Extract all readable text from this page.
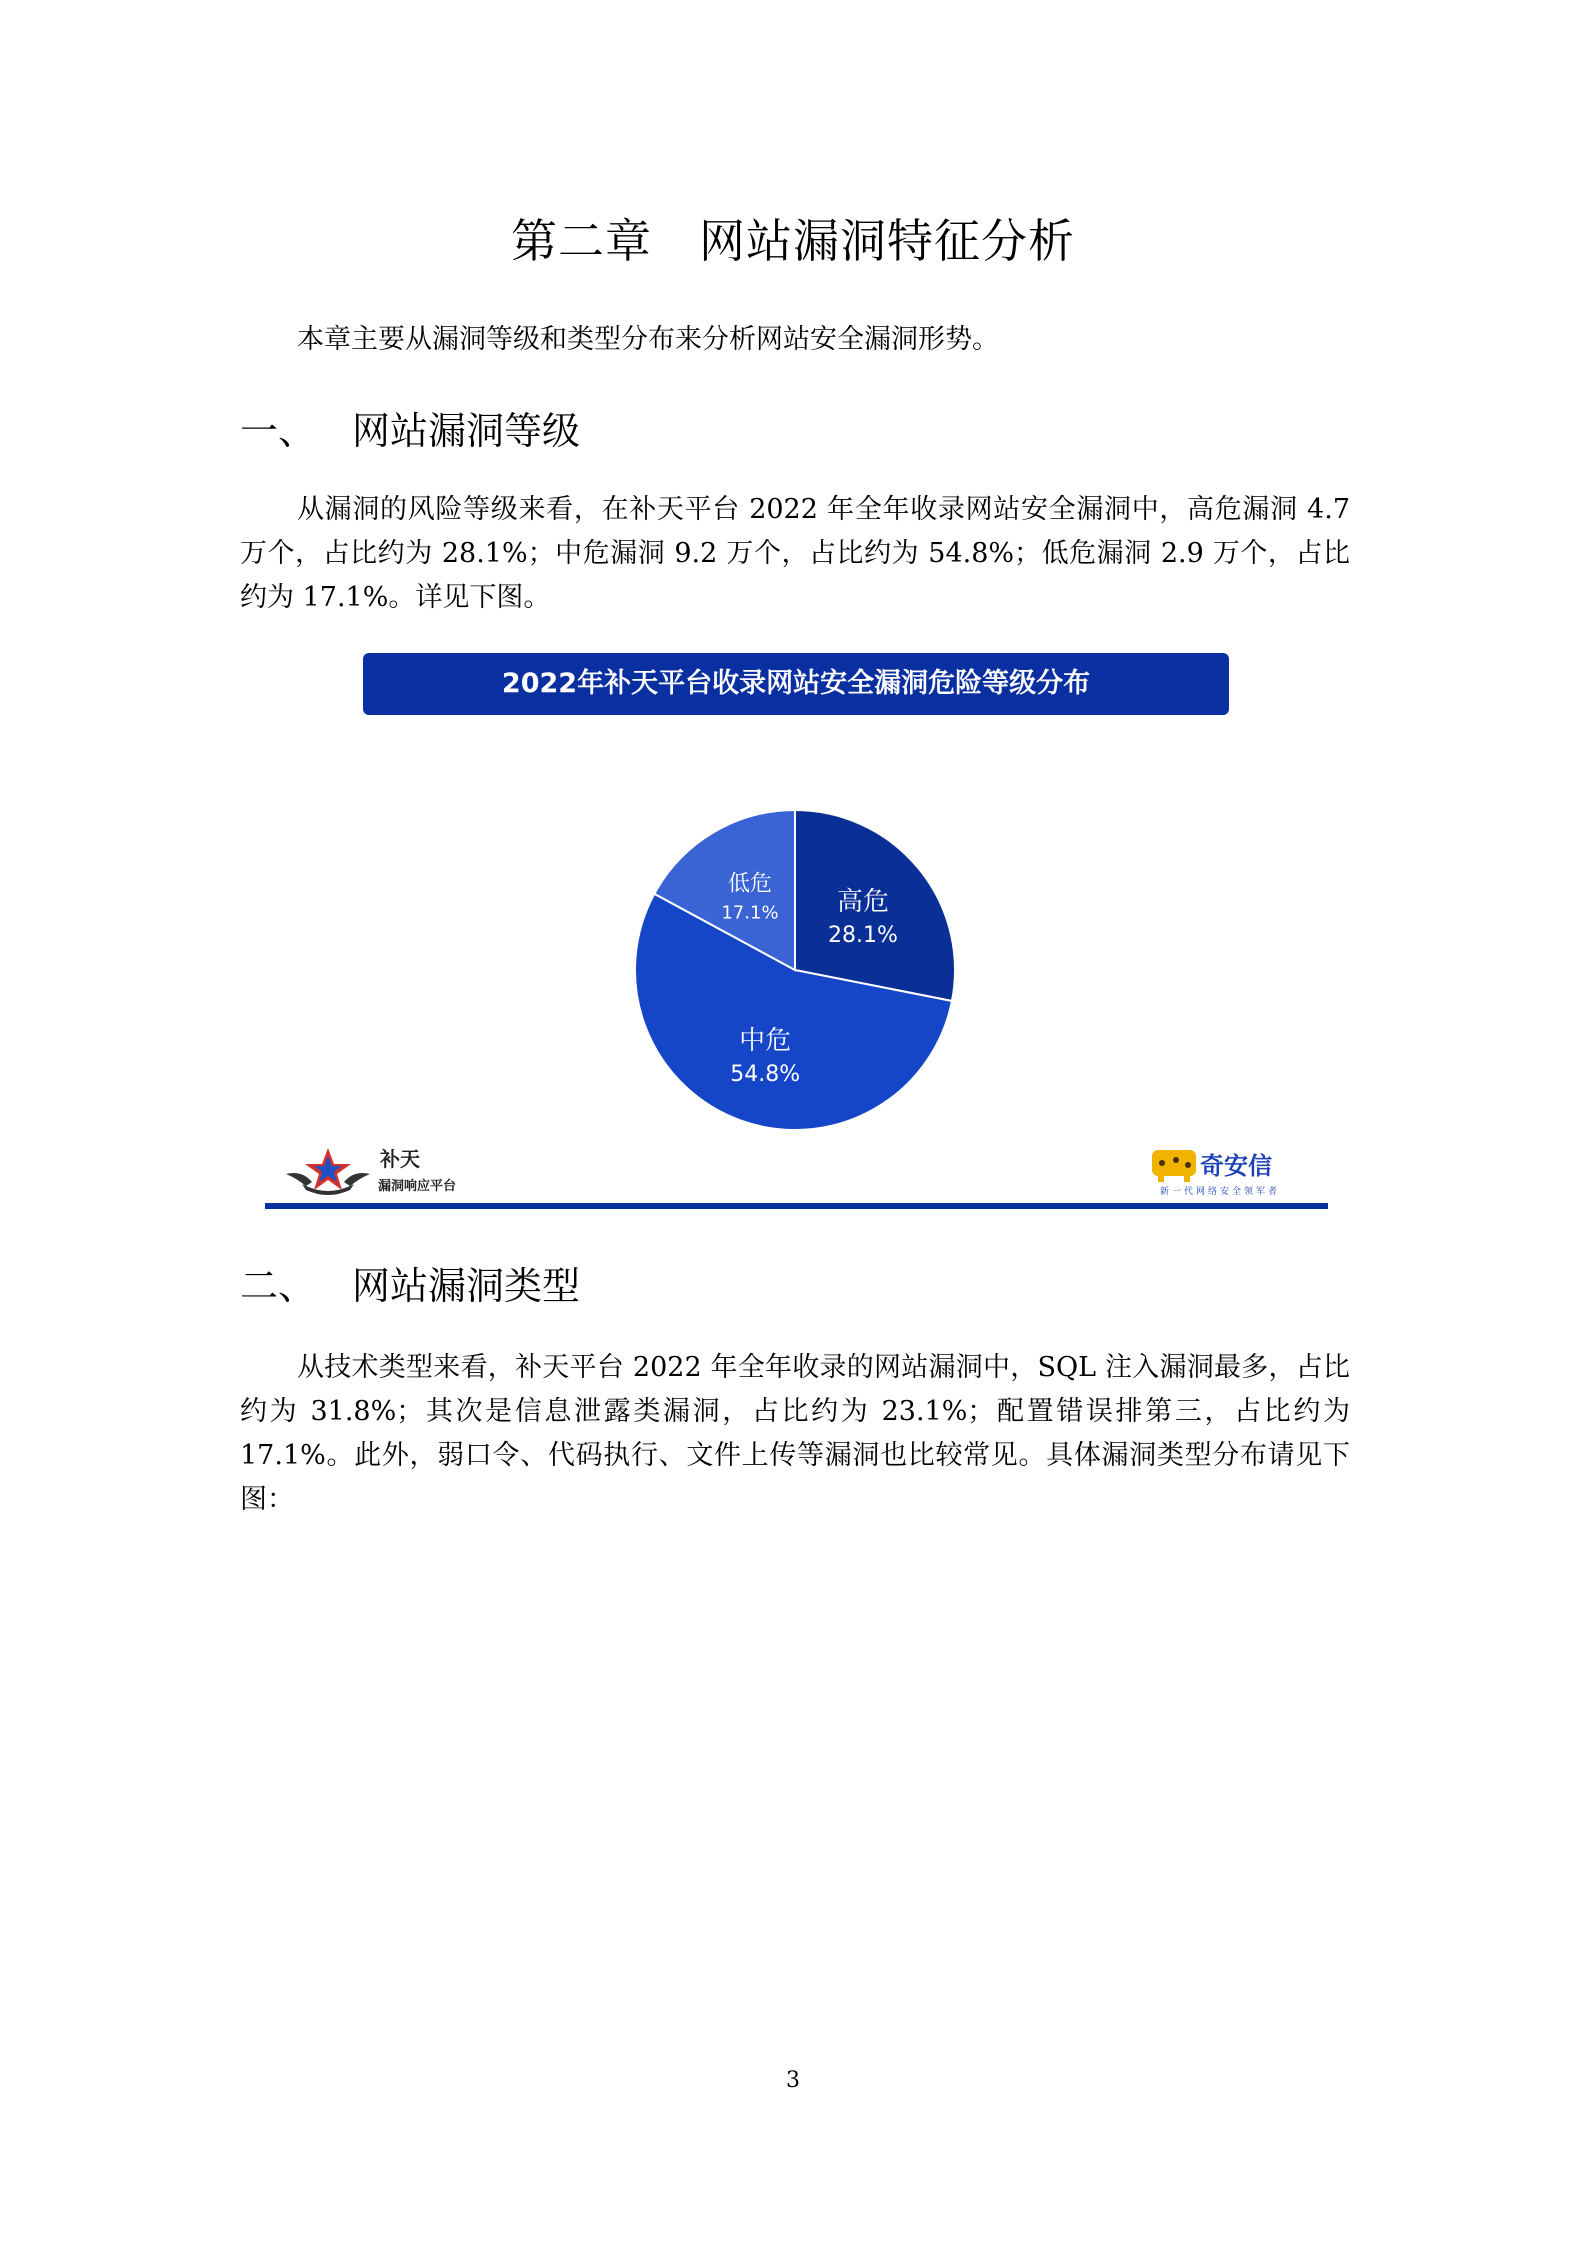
第二章　网站漏洞特征分析

本章主要从漏洞等级和类型分布来分析网站安全漏洞形势。

一、 网站漏洞等级

从漏洞的风险等级来看，在补天平台 2022 年全年收录网站安全漏洞中，高危漏洞 4.7 万个，占比约为 28.1%；中危漏洞 9.2 万个，占比约为 54.8%；低危漏洞 2.9 万个，占比约为 17.1%。详见下图。

2022年补天平台收录网站安全漏洞危险等级分布
高危
28.1%
中危
54.8%
低危
17.1%
补天
漏洞响应平台
奇安信
新一代网络安全领军者
二、 网站漏洞类型

从技术类型来看，补天平台 2022 年全年收录的网站漏洞中，SQL 注入漏洞最多，占比约为 31.8%；其次是信息泄露类漏洞，占比约为 23.1%；配置错误排第三，占比约为 17.1%。此外，弱口令、代码执行、文件上传等漏洞也比较常见。具体漏洞类型分布请见下图：

3
